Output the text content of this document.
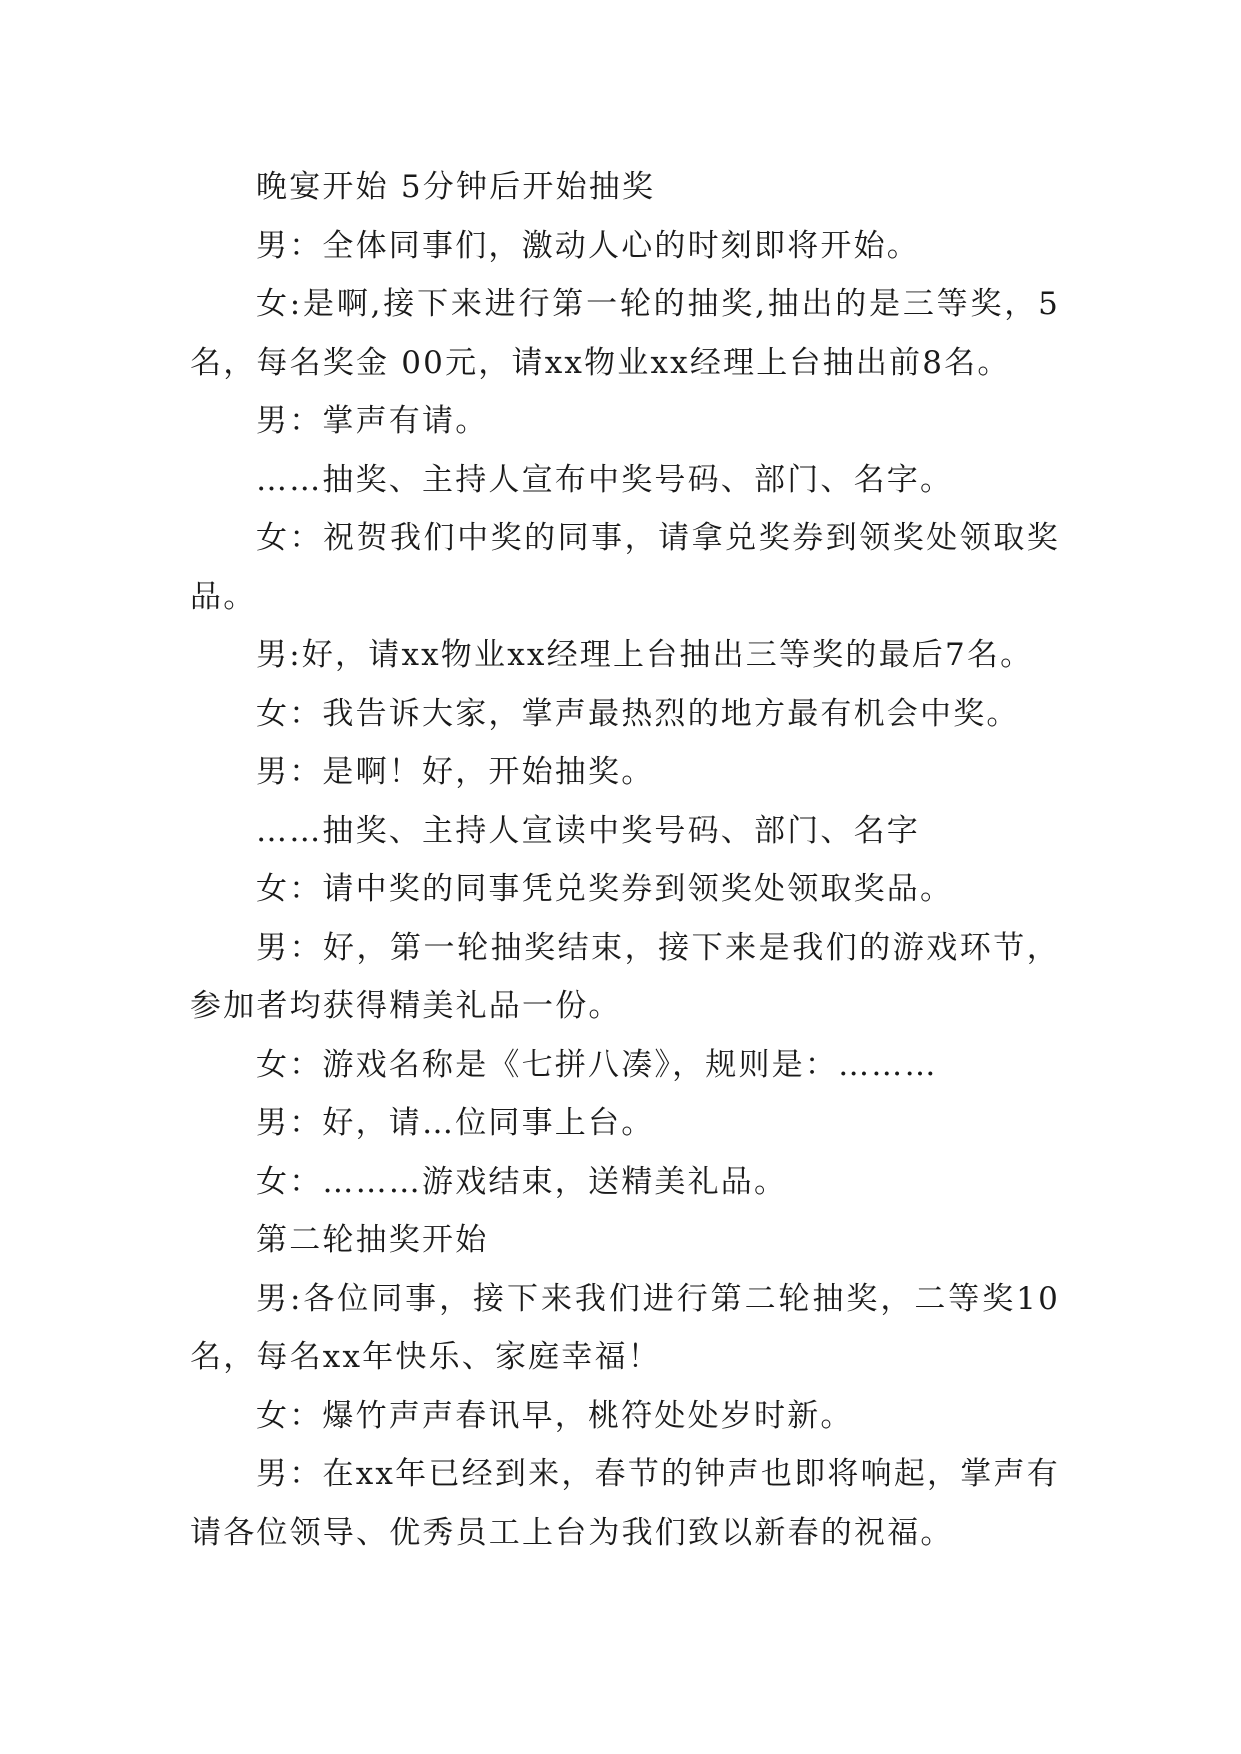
晚宴开始 5分钟后开始抽奖

男：全体同事们，激动人心的时刻即将开始。

女:是啊,接下来进行第一轮的抽奖,抽出的是三等奖，5名，每名奖金 00元，请xx物业xx经理上台抽出前8名。

男：掌声有请。

……抽奖、主持人宣布中奖号码、部门、名字。

女：祝贺我们中奖的同事，请拿兑奖券到领奖处领取奖品。

男:好，请xx物业xx经理上台抽出三等奖的最后7名。

女：我告诉大家，掌声最热烈的地方最有机会中奖。

男：是啊！好，开始抽奖。

……抽奖、主持人宣读中奖号码、部门、名字

女：请中奖的同事凭兑奖券到领奖处领取奖品。

男：好，第一轮抽奖结束，接下来是我们的游戏环节，参加者均获得精美礼品一份。

女：游戏名称是《七拼八凑》，规则是：………

男：好，请…位同事上台。

女：………游戏结束，送精美礼品。

第二轮抽奖开始

男:各位同事，接下来我们进行第二轮抽奖，二等奖10名，每名xx年快乐、家庭幸福！

女：爆竹声声春讯早，桃符处处岁时新。

男：在xx年已经到来，春节的钟声也即将响起，掌声有请各位领导、优秀员工上台为我们致以新春的祝福。
